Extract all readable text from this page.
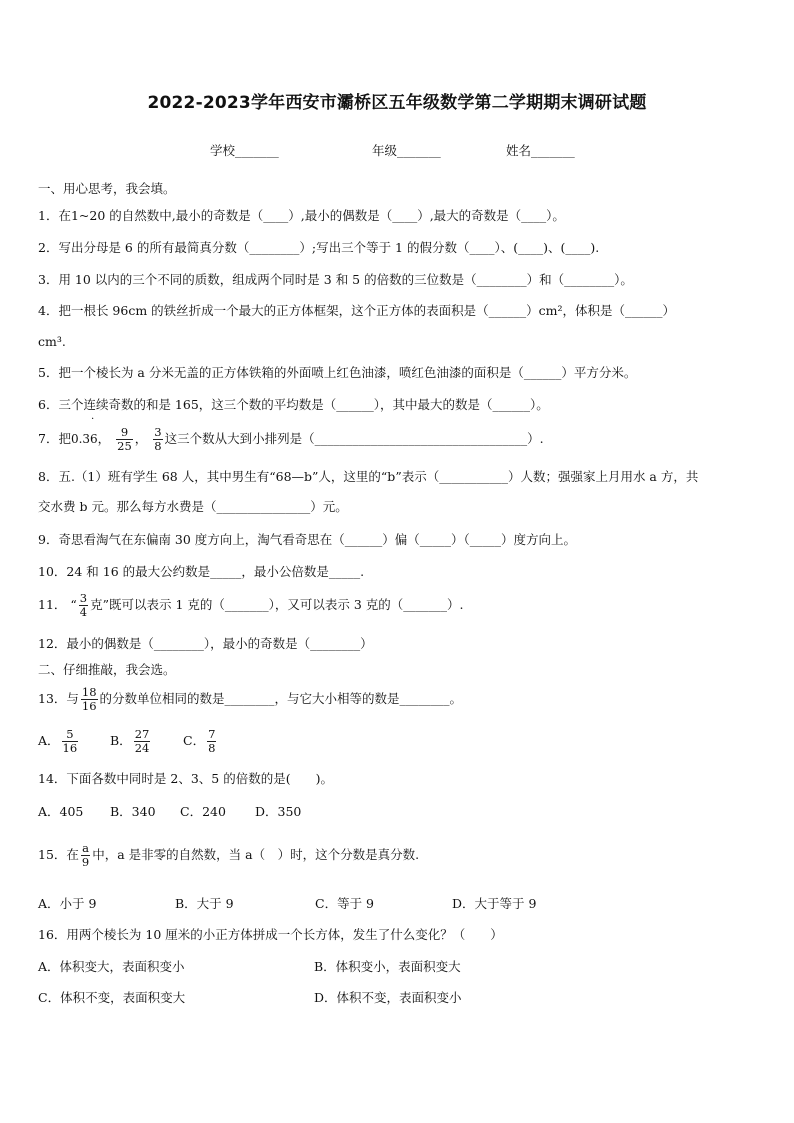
2022-2023学年西安市灞桥区五年级数学第二学期期末调研试题
学校_______	年级_______	姓名_______
一、用心思考，我会填。
1．在1~20 的自然数中,最小的奇数是（____）,最小的偶数是（____）,最大的奇数是（____）。
2．写出分母是 6 的所有最简真分数（________）;写出三个等于 1 的假分数（____）、(____)、(____).
3．用 10 以内的三个不同的质数，组成两个同时是 3 和 5 的倍数的三位数是（________）和（________）。
4．把一根长 96cm 的铁丝折成一个最大的正方体框架，这个正方体的表面积是（______）cm²，体积是（______）
cm³.
5．把一个棱长为 a 分米无盖的正方体铁箱的外面喷上红色油漆，喷红色油漆的面积是（______）平方分米。
6．三个连续奇数的和是 165，这三个数的平均数是（______），其中最大的数是（______）。
7．把0.36
˙
， $\frac{9}{25}$ ， $\frac{3}{8}$ 这三个数从大到小排列是（__________________________________）.
8．五.（1）班有学生 68 人，其中男生有“68—b”人，这里的“b”表示（___________）人数；强强家上月用水 a 方，共
交水费 b 元。那么每方水费是（_______________）元。
9．奇思看淘气在东偏南 30 度方向上，淘气看奇思在（______）偏（_____）（_____）度方向上。
10．24 和 16 的最大公约数是_____，最小公倍数是_____.
11． “ $\frac{3}{4}$ 克”既可以表示 1 克的（_______），又可以表示 3 克的（_______）.
12．最小的偶数是（________），最小的奇数是（________）
二、仔细推敲，我会选。
13．与 $\frac{18}{16}$ 的分数单位相同的数是________，与它大小相等的数是________。
A． $\frac{5}{16}$	B． $\frac{27}{24}$	C． $\frac{7}{8}$
14．下面各数中同时是 2、3、5 的倍数的是(　　)。
A．405 B．340 C．240 D．350
15．在 $\frac{a}{9}$ 中，a 是非零的自然数，当 a（　）时，这个分数是真分数.
A．小于 9	B．大于 9	C．等于 9	D．大于等于 9
16．用两个棱长为 10 厘米的小正方体拼成一个长方体，发生了什么变化？（　　）
A．体积变大，表面积变小	B．体积变小，表面积变大
C．体积不变，表面积变大	D．体积不变，表面积变小
